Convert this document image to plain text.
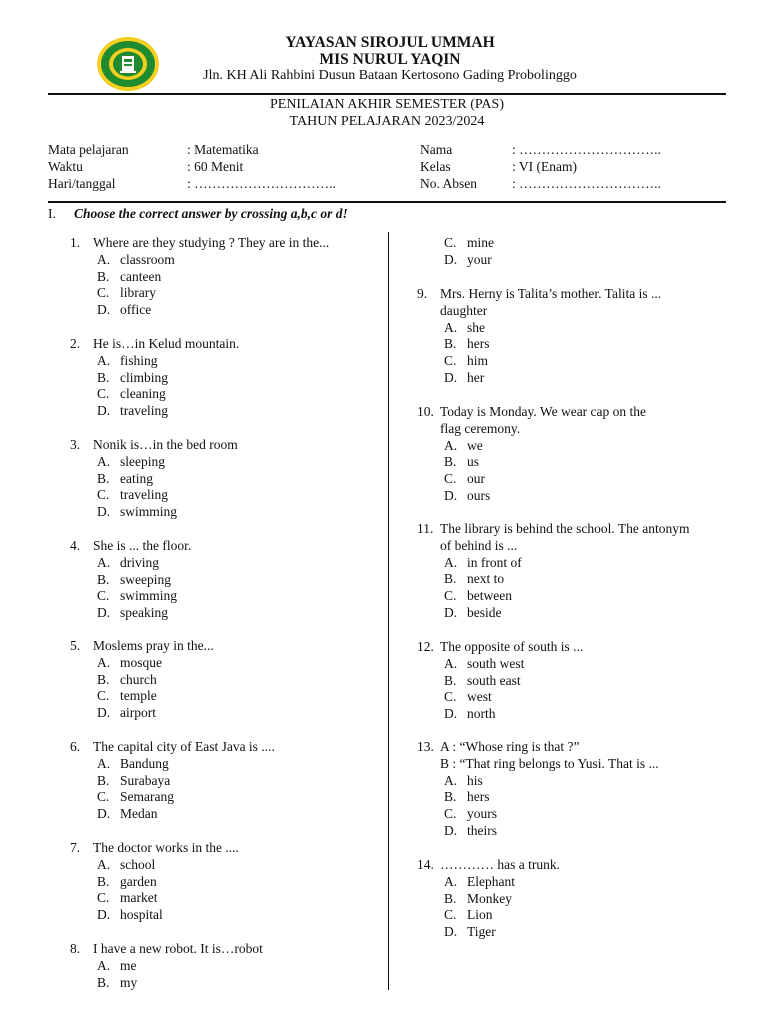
YAYASAN SIROJUL UMMAH
MIS NURUL YAQIN
Jln. KH Ali Rahbini Dusun Bataan Kertosono Gading Probolinggo
PENILAIAN AKHIR SEMESTER (PAS)
TAHUN PELAJARAN 2023/2024
Mata pelajaran	: Matematika
Waktu	: 60 Menit
Hari/tanggal	: …………………………..
Nama	: …………………………..
Kelas	: VI (Enam)
No. Absen	: …………………………..
I. Choose the correct answer by crossing a,b,c or d!
1. Where are they studying ? They are in the...
A. classroom
B. canteen
C. library
D. office
2. He is…in Kelud mountain.
A. fishing
B. climbing
C. cleaning
D. traveling
3. Nonik is…in the bed room
A. sleeping
B. eating
C. traveling
D. swimming
4. She is ... the floor.
A. driving
B. sweeping
C. swimming
D. speaking
5. Moslems pray in the...
A. mosque
B. church
C. temple
D. airport
6. The capital city of East Java is ....
A. Bandung
B. Surabaya
C. Semarang
D. Medan
7. The doctor works in the ....
A. school
B. garden
C. market
D. hospital
8. I have a new robot. It is…robot
A. me
B. my
C. mine
D. your
9. Mrs. Herny is Talita’s mother. Talita is ...
daughter
A. she
B. hers
C. him
D. her
10. Today is Monday. We wear cap on the
flag ceremony.
A. we
B. us
C. our
D. ours
11. The library is behind the school. The antonym
of behind is ...
A. in front of
B. next to
C. between
D. beside
12. The opposite of south is ...
A. south west
B. south east
C. west
D. north
13. A : “Whose ring is that ?”
B : “That ring belongs to Yusi. That is ...
A. his
B. hers
C. yours
D. theirs
14. ………… has a trunk.
A. Elephant
B. Monkey
C. Lion
D. Tiger
